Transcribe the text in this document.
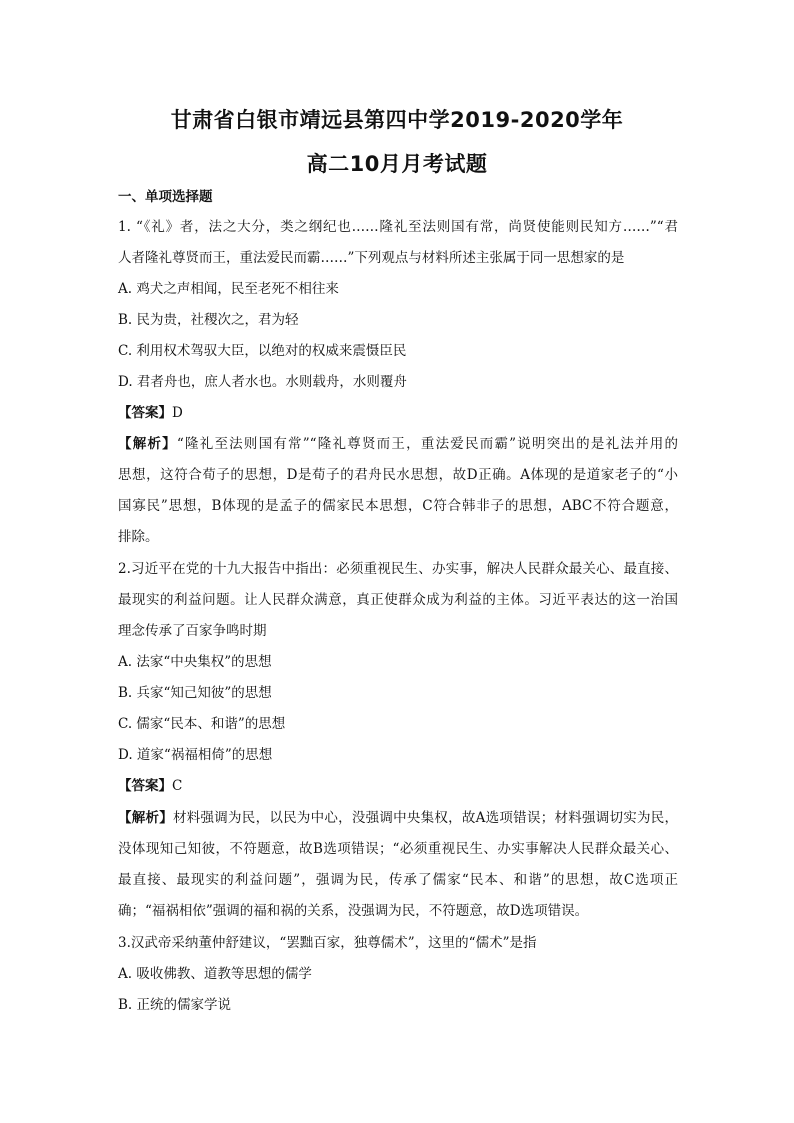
甘肃省白银市靖远县第四中学2019-2020学年
高二10月月考试题
一、单项选择题
1. “《礼》者，法之大分，类之纲纪也……隆礼至法则国有常，尚贤使能则民知方……”“君
人者隆礼尊贤而王，重法爱民而霸……”下列观点与材料所述主张属于同一思想家的是
A. 鸡犬之声相闻，民至老死不相往来
B. 民为贵，社稷次之，君为轻
C. 利用权术驾驭大臣，以绝对的权威来震慑臣民
D. 君者舟也，庶人者水也。水则载舟，水则覆舟
【答案】D
【解析】“隆礼至法则国有常”“隆礼尊贤而王，重法爱民而霸”说明突出的是礼法并用的
思想，这符合荀子的思想，D是荀子的君舟民水思想，故D正确。A体现的是道家老子的“小
国寡民”思想，B体现的是孟子的儒家民本思想，C符合韩非子的思想，ABC不符合题意，
排除。
2.习近平在党的十九大报告中指出：必须重视民生、办实事，解决人民群众最关心、最直接、
最现实的利益问题。让人民群众满意，真正使群众成为利益的主体。习近平表达的这一治国
理念传承了百家争鸣时期
A. 法家“中央集权”的思想
B. 兵家“知己知彼”的思想
C. 儒家“民本、和谐”的思想
D. 道家“祸福相倚”的思想
【答案】C
【解析】材料强调为民，以民为中心，没强调中央集权，故A选项错误；材料强调切实为民，
没体现知己知彼，不符题意，故B选项错误；“必须重视民生、办实事解决人民群众最关心、
最直接、最现实的利益问题”，强调为民，传承了儒家“民本、和谐”的思想，故C选项正
确；“福祸相依”强调的福和祸的关系，没强调为民，不符题意，故D选项错误。
3.汉武帝采纳董仲舒建议，“罢黜百家，独尊儒术”，这里的“儒术”是指
A. 吸收佛教、道教等思想的儒学
B. 正统的儒家学说
